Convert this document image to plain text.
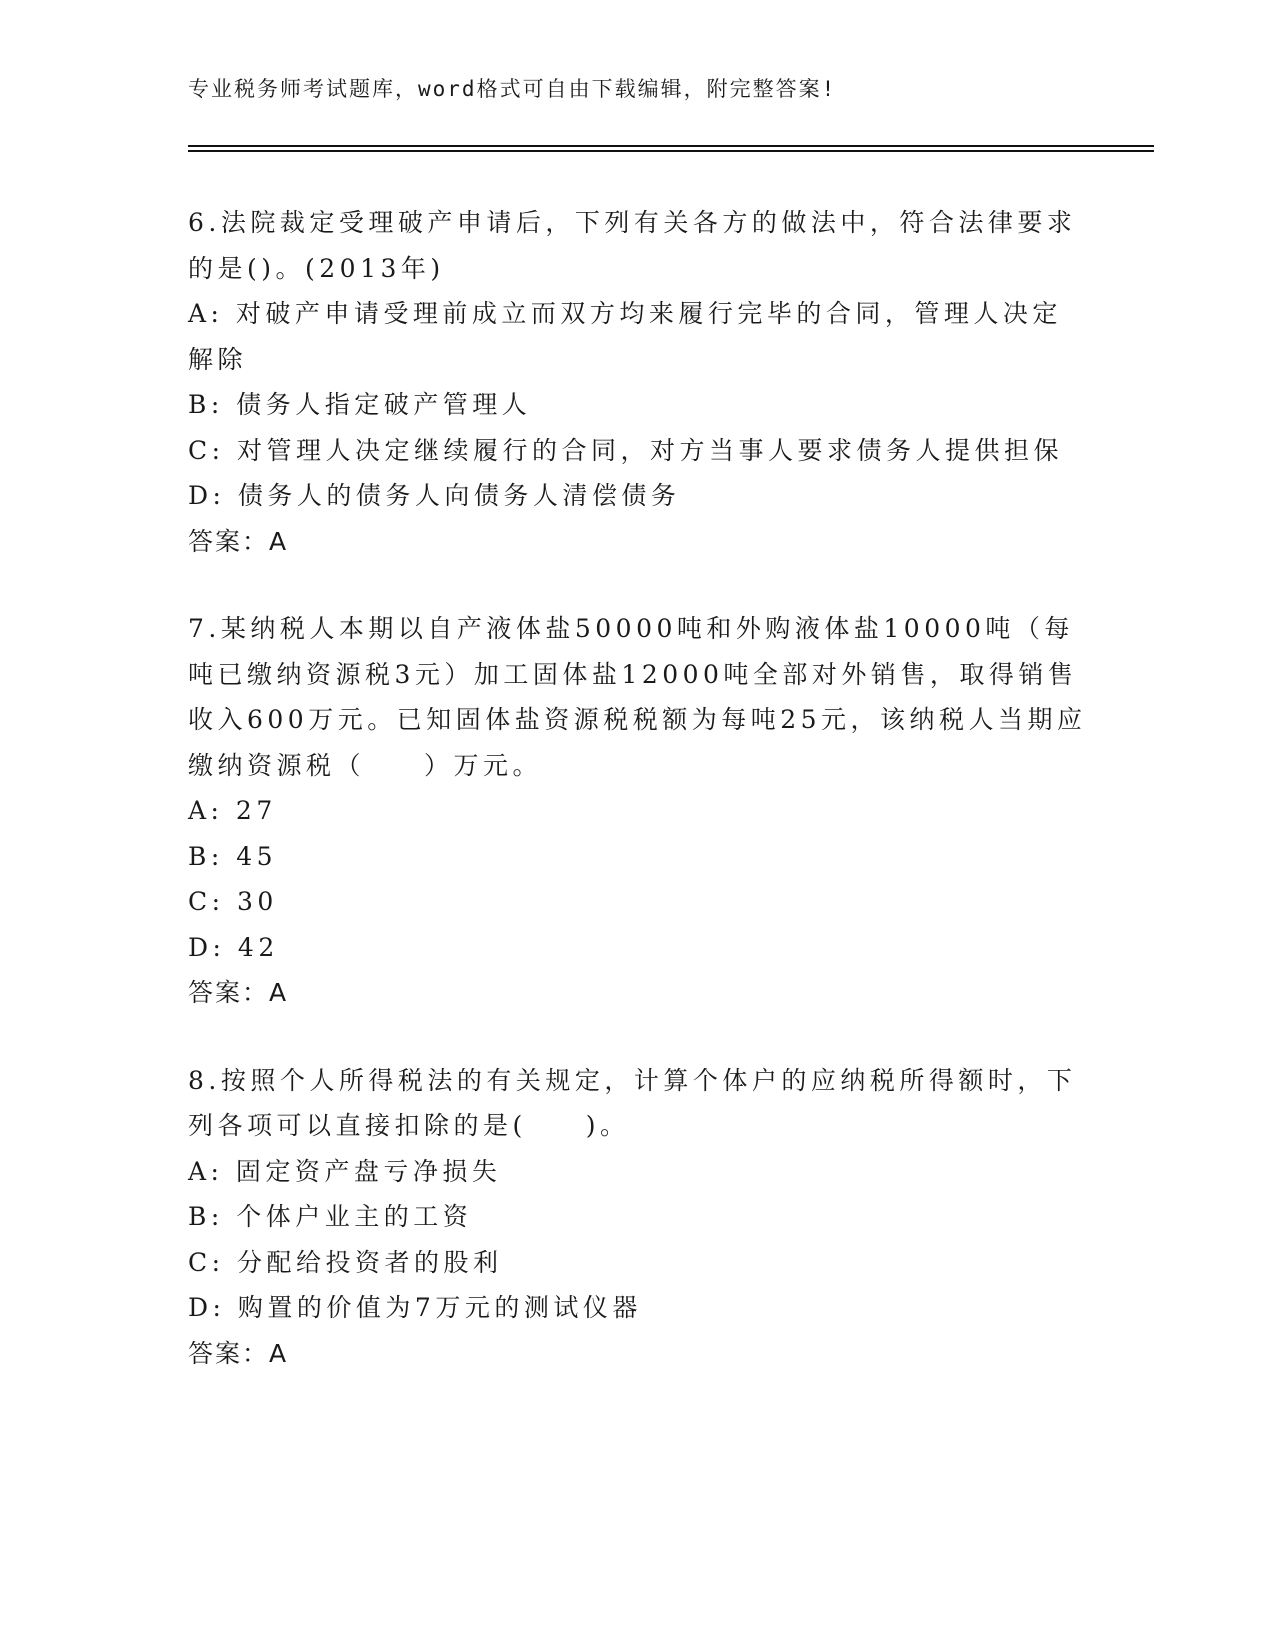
专业税务师考试题库，word格式可自由下载编辑，附完整答案!
6.法院裁定受理破产申请后，下列有关各方的做法中，符合法律要求的是()。(2013年)
A: 对破产申请受理前成立而双方均来履行完毕的合同，管理人决定解除
B: 债务人指定破产管理人
C: 对管理人决定继续履行的合同，对方当事人要求债务人提供担保
D: 债务人的债务人向债务人清偿债务
答案：A
7.某纳税人本期以自产液体盐50000吨和外购液体盐10000吨（每吨已缴纳资源税3元）加工固体盐12000吨全部对外销售，取得销售收入600万元。已知固体盐资源税税额为每吨25元，该纳税人当期应缴纳资源税（　　）万元。
A: 27
B: 45
C: 30
D: 42
答案：A
8.按照个人所得税法的有关规定，计算个体户的应纳税所得额时，下列各项可以直接扣除的是(　　)。
A: 固定资产盘亏净损失
B: 个体户业主的工资
C: 分配给投资者的股利
D: 购置的价值为7万元的测试仪器
答案：A
